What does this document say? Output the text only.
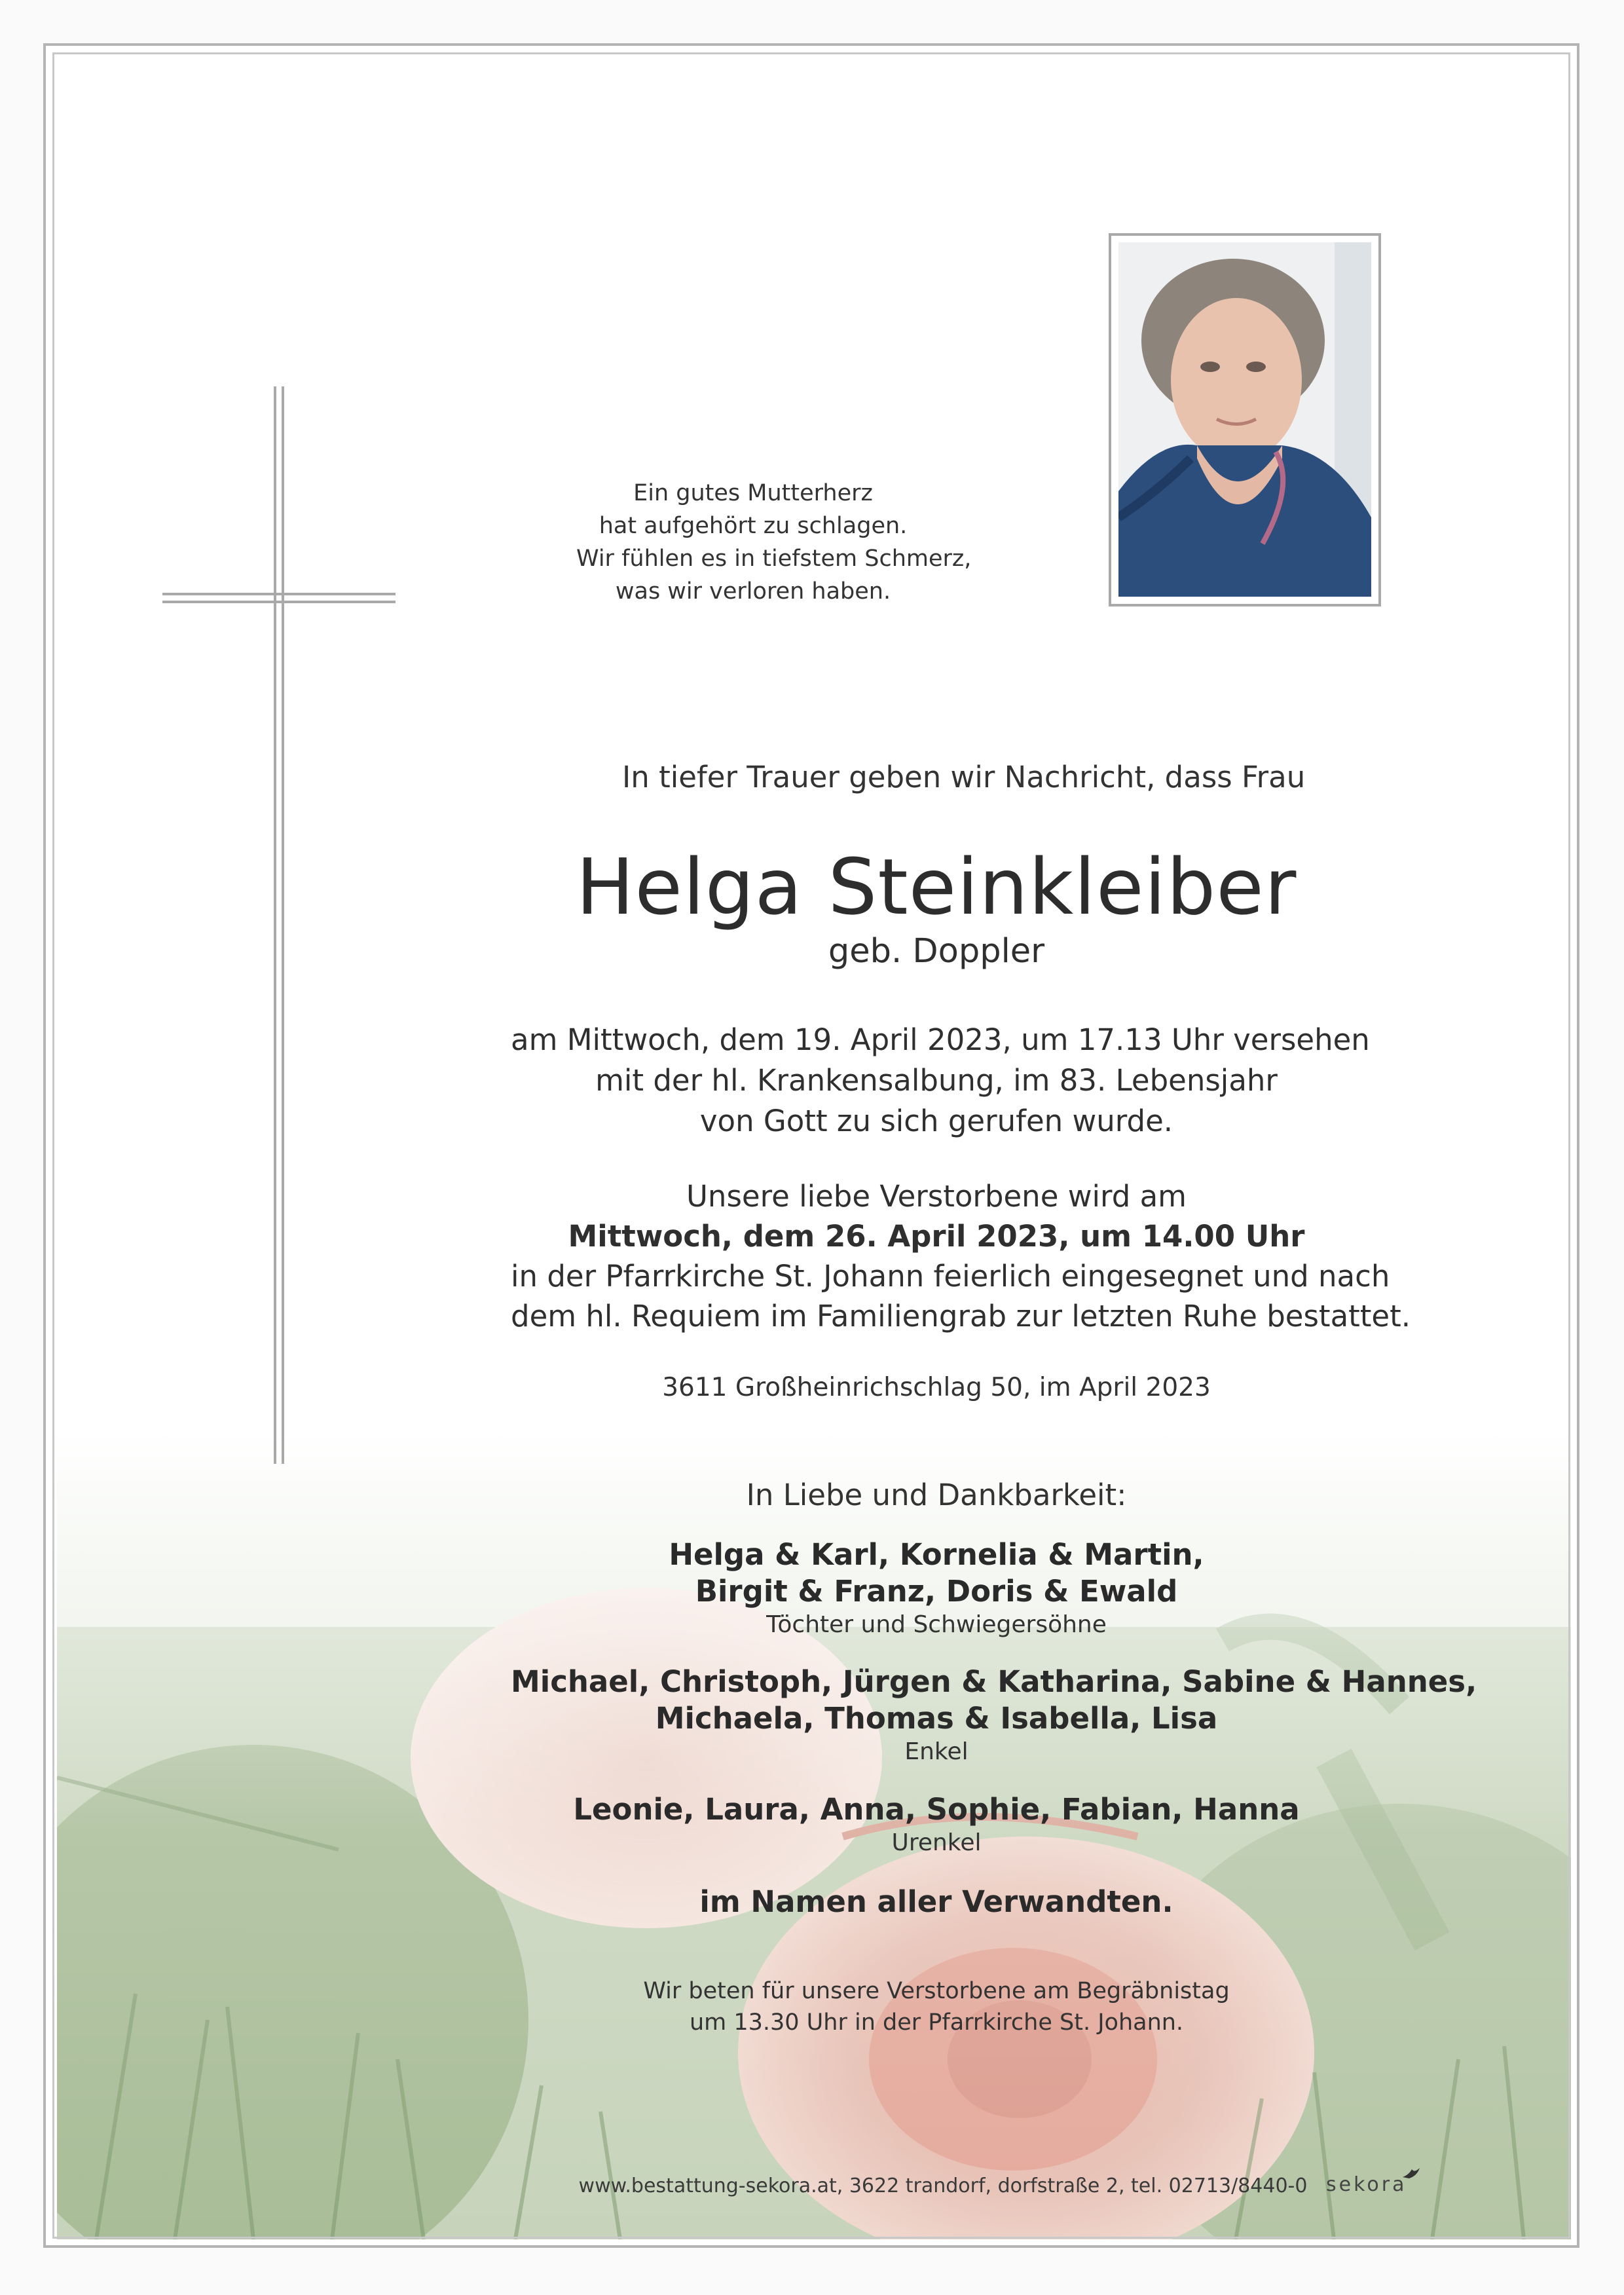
Ein gutes Mutterherz
hat aufgehört zu schlagen.
Wir fühlen es in tiefstem Schmerz,
was wir verloren haben.
In tiefer Trauer geben wir Nachricht, dass Frau
Helga Steinkleiber
geb. Doppler
am Mittwoch, dem 19. April 2023, um 17.13 Uhr versehen
mit der hl. Krankensalbung, im 83. Lebensjahr
von Gott zu sich gerufen wurde.
Unsere liebe Verstorbene wird am
Mittwoch, dem 26. April 2023, um 14.00 Uhr
in der Pfarrkirche St. Johann feierlich eingesegnet und nach
dem hl. Requiem im Familiengrab zur letzten Ruhe bestattet.
3611 Großheinrichschlag 50, im April 2023
In Liebe und Dankbarkeit:
Helga & Karl, Kornelia & Martin,
Birgit & Franz, Doris & Ewald
Töchter und Schwiegersöhne
Michael, Christoph, Jürgen & Katharina, Sabine & Hannes,
Michaela, Thomas & Isabella, Lisa
Enkel
Leonie, Laura, Anna, Sophie, Fabian, Hanna
Urenkel
im Namen aller Verwandten.
Wir beten für unsere Verstorbene am Begräbnistag
um 13.30 Uhr in der Pfarrkirche St. Johann.
www.bestattung-sekora.at, 3622 trandorf, dorfstraße 2, tel. 02713/8440-0 sekora
